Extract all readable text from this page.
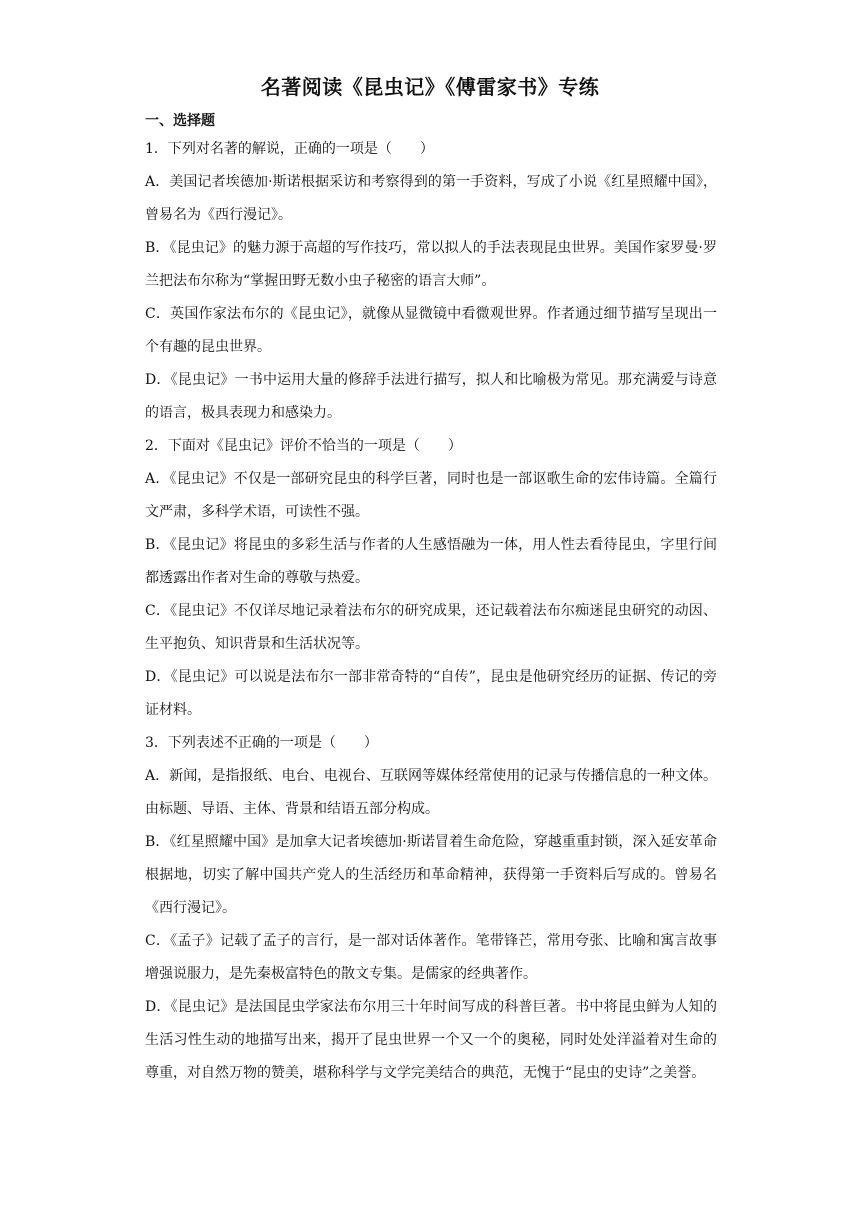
名著阅读《昆虫记》《傅雷家书》专练
一、选择题

1．下列对名著的解说，正确的一项是（　　）

A．美国记者埃德加·斯诺根据采访和考察得到的第一手资料，写成了小说《红星照耀中国》，曾易名为《西行漫记》。

B．《昆虫记》的魅力源于高超的写作技巧，常以拟人的手法表现昆虫世界。美国作家罗曼·罗兰把法布尔称为“掌握田野无数小虫子秘密的语言大师”。

C．英国作家法布尔的《昆虫记》，就像从显微镜中看微观世界。作者通过细节描写呈现出一个有趣的昆虫世界。

D．《昆虫记》一书中运用大量的修辞手法进行描写，拟人和比喻极为常见。那充满爱与诗意的语言，极具表现力和感染力。

2．下面对《昆虫记》评价不恰当的一项是（　　）

A．《昆虫记》不仅是一部研究昆虫的科学巨著，同时也是一部讴歌生命的宏伟诗篇。全篇行文严肃，多科学术语，可读性不强。

B．《昆虫记》将昆虫的多彩生活与作者的人生感悟融为一体，用人性去看待昆虫，字里行间都透露出作者对生命的尊敬与热爱。

C．《昆虫记》不仅详尽地记录着法布尔的研究成果，还记载着法布尔痴迷昆虫研究的动因、生平抱负、知识背景和生活状况等。

D．《昆虫记》可以说是法布尔一部非常奇特的“自传”，昆虫是他研究经历的证据、传记的旁证材料。

3．下列表述不正确的一项是（　　）

A．新闻，是指报纸、电台、电视台、互联网等媒体经常使用的记录与传播信息的一种文体。由标题、导语、主体、背景和结语五部分构成。

B．《红星照耀中国》是加拿大记者埃德加·斯诺冒着生命危险，穿越重重封锁，深入延安革命根据地，切实了解中国共产党人的生活经历和革命精神，获得第一手资料后写成的。曾易名《西行漫记》。

C．《孟子》记载了孟子的言行，是一部对话体著作。笔带锋芒，常用夸张、比喻和寓言故事增强说服力，是先秦极富特色的散文专集。是儒家的经典著作。

D．《昆虫记》是法国昆虫学家法布尔用三十年时间写成的科普巨著。书中将昆虫鲜为人知的生活习性生动的地描写出来，揭开了昆虫世界一个又一个的奥秘，同时处处洋溢着对生命的尊重，对自然万物的赞美，堪称科学与文学完美结合的典范，无愧于“昆虫的史诗”之美誉。
